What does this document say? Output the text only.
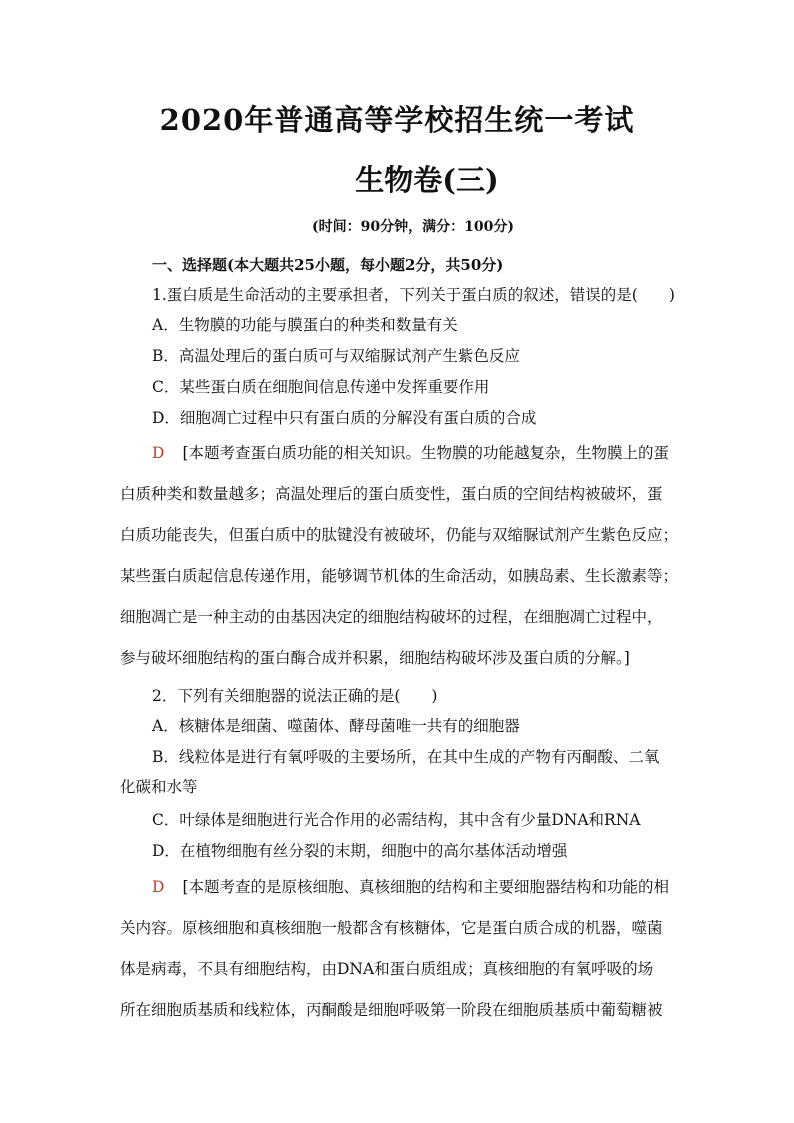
2020年普通高等学校招生统一考试
生物卷(三)
(时间：90分钟，满分：100分)
一、选择题(本大题共25小题，每小题2分，共50分)
1.蛋白质是生命活动的主要承担者，下列关于蛋白质的叙述，错误的是(　　)
A．生物膜的功能与膜蛋白的种类和数量有关
B．高温处理后的蛋白质可与双缩脲试剂产生紫色反应
C．某些蛋白质在细胞间信息传递中发挥重要作用
D．细胞凋亡过程中只有蛋白质的分解没有蛋白质的合成
D [本题考查蛋白质功能的相关知识。生物膜的功能越复杂，生物膜上的蛋
白质种类和数量越多；高温处理后的蛋白质变性，蛋白质的空间结构被破坏，蛋
白质功能丧失，但蛋白质中的肽键没有被破坏，仍能与双缩脲试剂产生紫色反应；
某些蛋白质起信息传递作用，能够调节机体的生命活动，如胰岛素、生长激素等；
细胞凋亡是一种主动的由基因决定的细胞结构破坏的过程，在细胞凋亡过程中，
参与破坏细胞结构的蛋白酶合成并积累，细胞结构破坏涉及蛋白质的分解。]
2．下列有关细胞器的说法正确的是(　　)
A．核糖体是细菌、噬菌体、酵母菌唯一共有的细胞器
B．线粒体是进行有氧呼吸的主要场所，在其中生成的产物有丙酮酸、二氧
化碳和水等
C．叶绿体是细胞进行光合作用的必需结构，其中含有少量DNA和RNA
D．在植物细胞有丝分裂的末期，细胞中的高尔基体活动增强
D [本题考查的是原核细胞、真核细胞的结构和主要细胞器结构和功能的相
关内容。原核细胞和真核细胞一般都含有核糖体，它是蛋白质合成的机器，噬菌
体是病毒，不具有细胞结构，由DNA和蛋白质组成；真核细胞的有氧呼吸的场
所在细胞质基质和线粒体，丙酮酸是细胞呼吸第一阶段在细胞质基质中葡萄糖被
